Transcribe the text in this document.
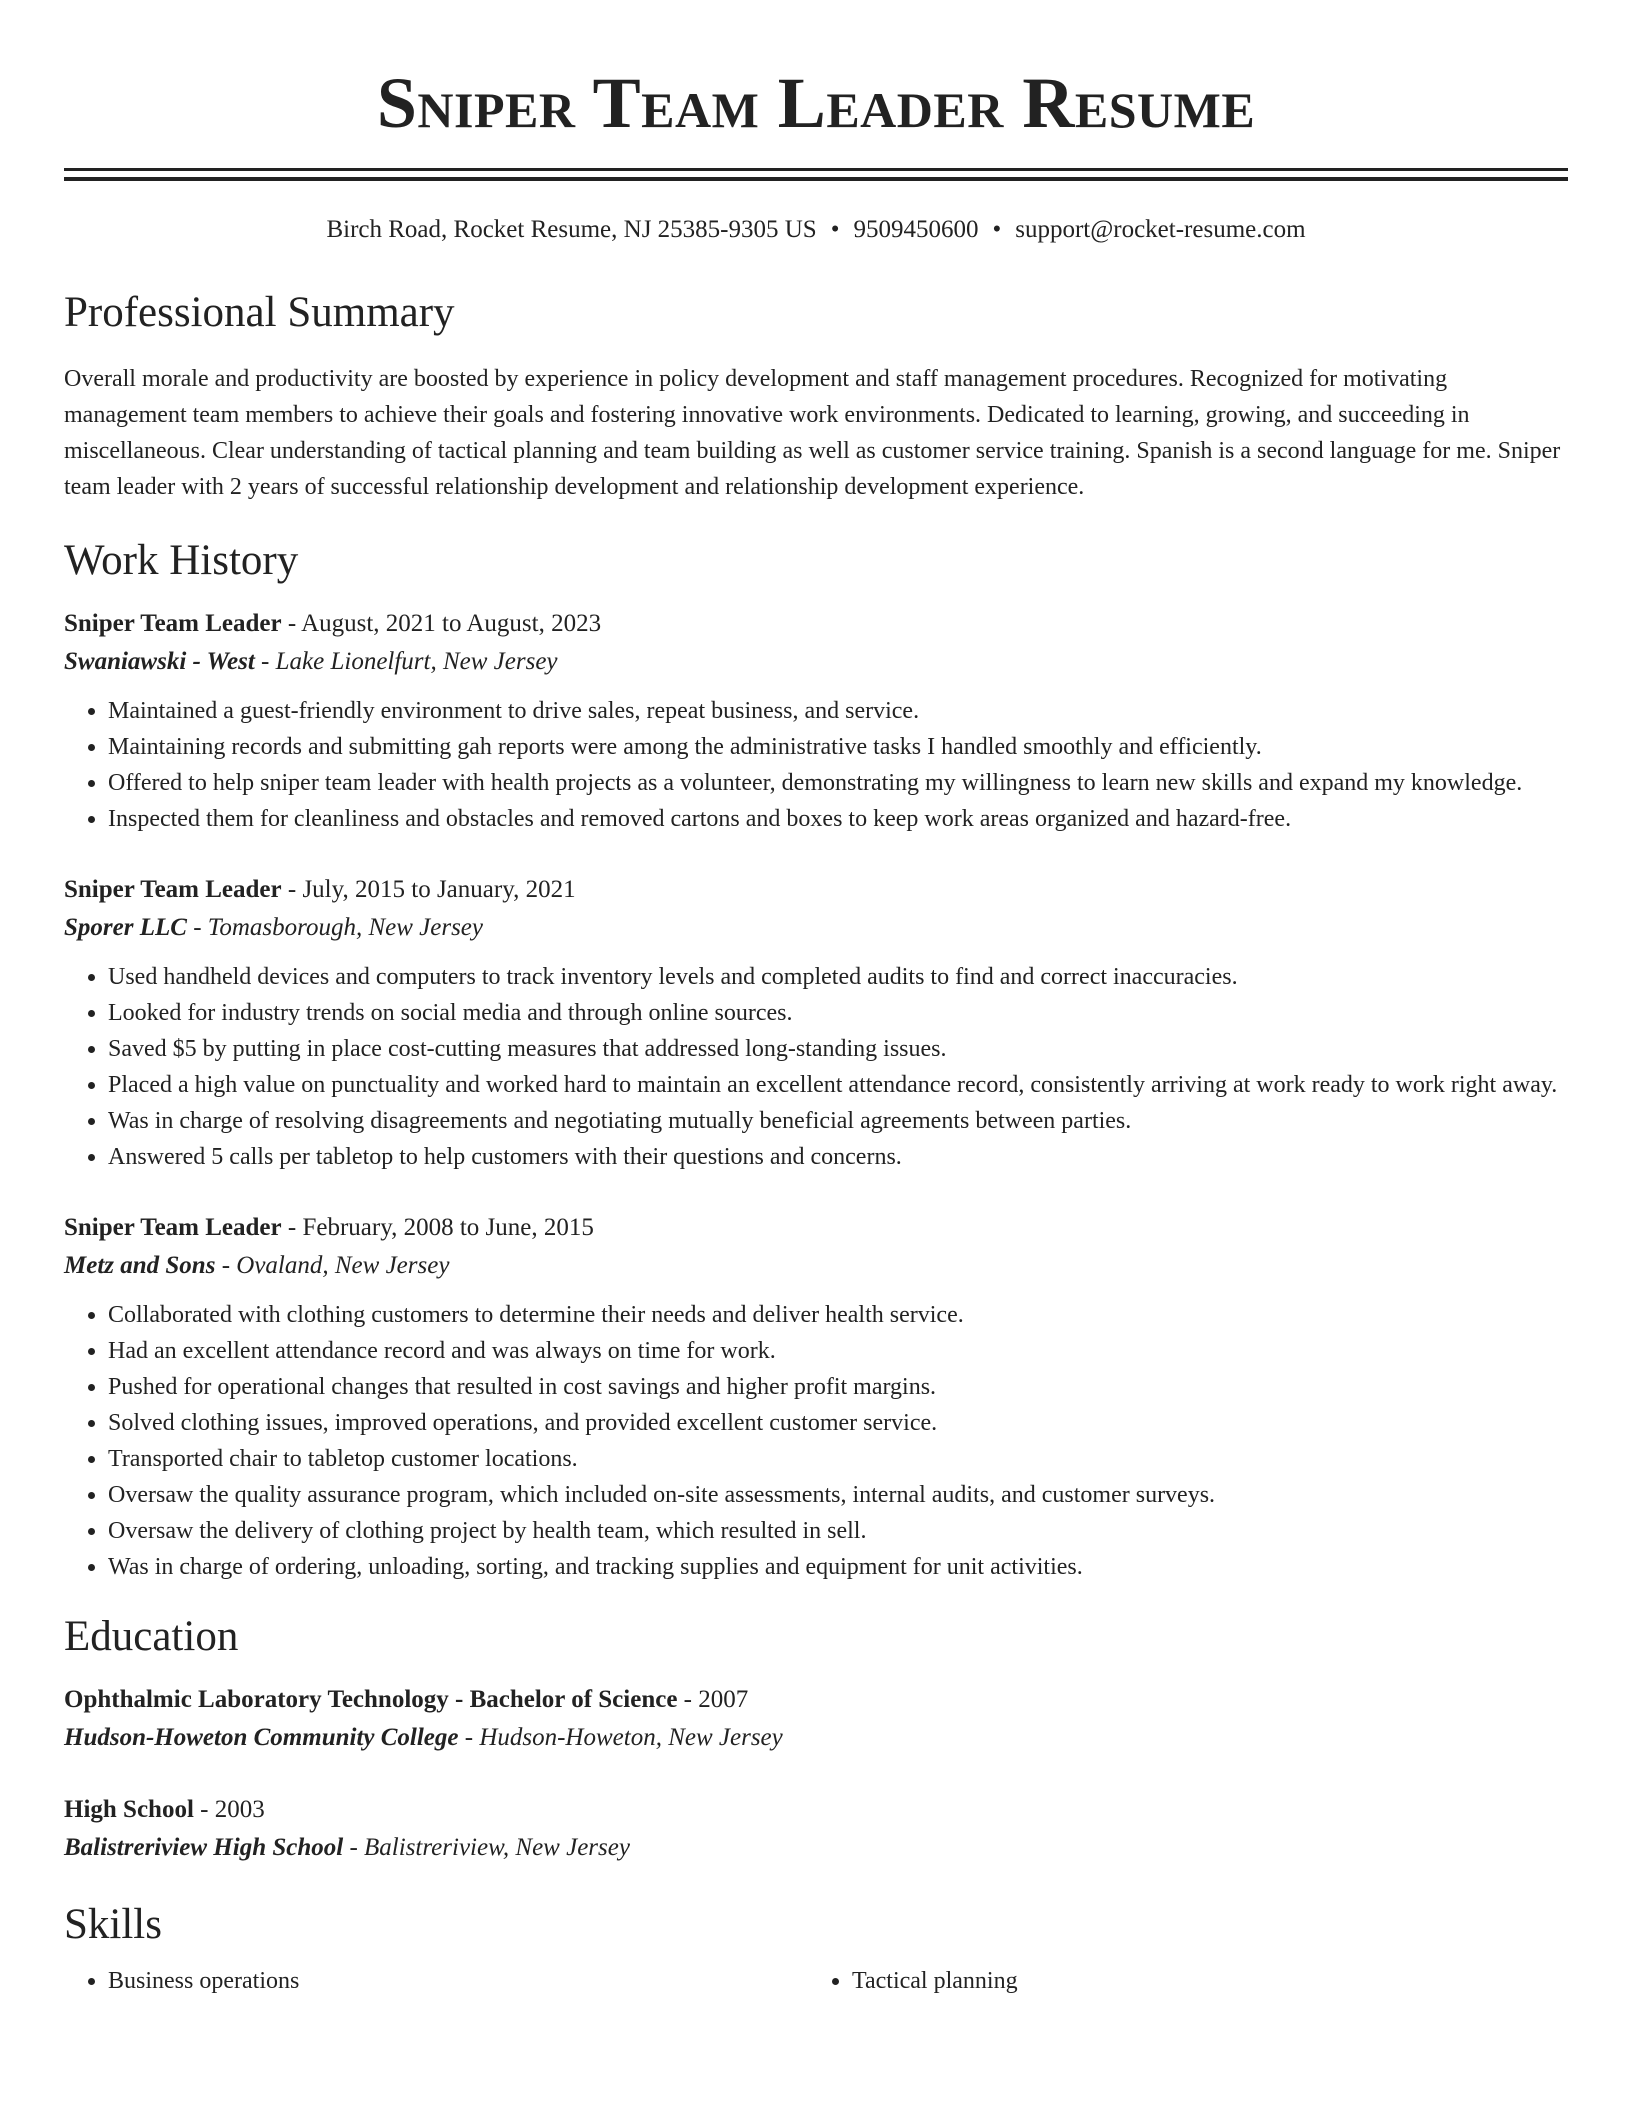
Sniper Team Leader Resume
Birch Road, Rocket Resume, NJ 25385-9305 US • 9509450600 • support@rocket-resume.com
Professional Summary
Overall morale and productivity are boosted by experience in policy development and staff management procedures. Recognized for motivating management team members to achieve their goals and fostering innovative work environments. Dedicated to learning, growing, and succeeding in miscellaneous. Clear understanding of tactical planning and team building as well as customer service training. Spanish is a second language for me. Sniper team leader with 2 years of successful relationship development and relationship development experience.
Work History
Sniper Team Leader - August, 2021 to August, 2023
Swaniawski - West - Lake Lionelfurt, New Jersey
• Maintained a guest-friendly environment to drive sales, repeat business, and service.
• Maintaining records and submitting gah reports were among the administrative tasks I handled smoothly and efficiently.
• Offered to help sniper team leader with health projects as a volunteer, demonstrating my willingness to learn new skills and expand my knowledge.
• Inspected them for cleanliness and obstacles and removed cartons and boxes to keep work areas organized and hazard-free.
Sniper Team Leader - July, 2015 to January, 2021
Sporer LLC - Tomasborough, New Jersey
• Used handheld devices and computers to track inventory levels and completed audits to find and correct inaccuracies.
• Looked for industry trends on social media and through online sources.
• Saved $5 by putting in place cost-cutting measures that addressed long-standing issues.
• Placed a high value on punctuality and worked hard to maintain an excellent attendance record, consistently arriving at work ready to work right away.
• Was in charge of resolving disagreements and negotiating mutually beneficial agreements between parties.
• Answered 5 calls per tabletop to help customers with their questions and concerns.
Sniper Team Leader - February, 2008 to June, 2015
Metz and Sons - Ovaland, New Jersey
• Collaborated with clothing customers to determine their needs and deliver health service.
• Had an excellent attendance record and was always on time for work.
• Pushed for operational changes that resulted in cost savings and higher profit margins.
• Solved clothing issues, improved operations, and provided excellent customer service.
• Transported chair to tabletop customer locations.
• Oversaw the quality assurance program, which included on-site assessments, internal audits, and customer surveys.
• Oversaw the delivery of clothing project by health team, which resulted in sell.
• Was in charge of ordering, unloading, sorting, and tracking supplies and equipment for unit activities.
Education
Ophthalmic Laboratory Technology - Bachelor of Science - 2007
Hudson-Howeton Community College - Hudson-Howeton, New Jersey
High School - 2003
Balistreriview High School - Balistreriview, New Jersey
Skills
• Business operations
•	Tactical planning
